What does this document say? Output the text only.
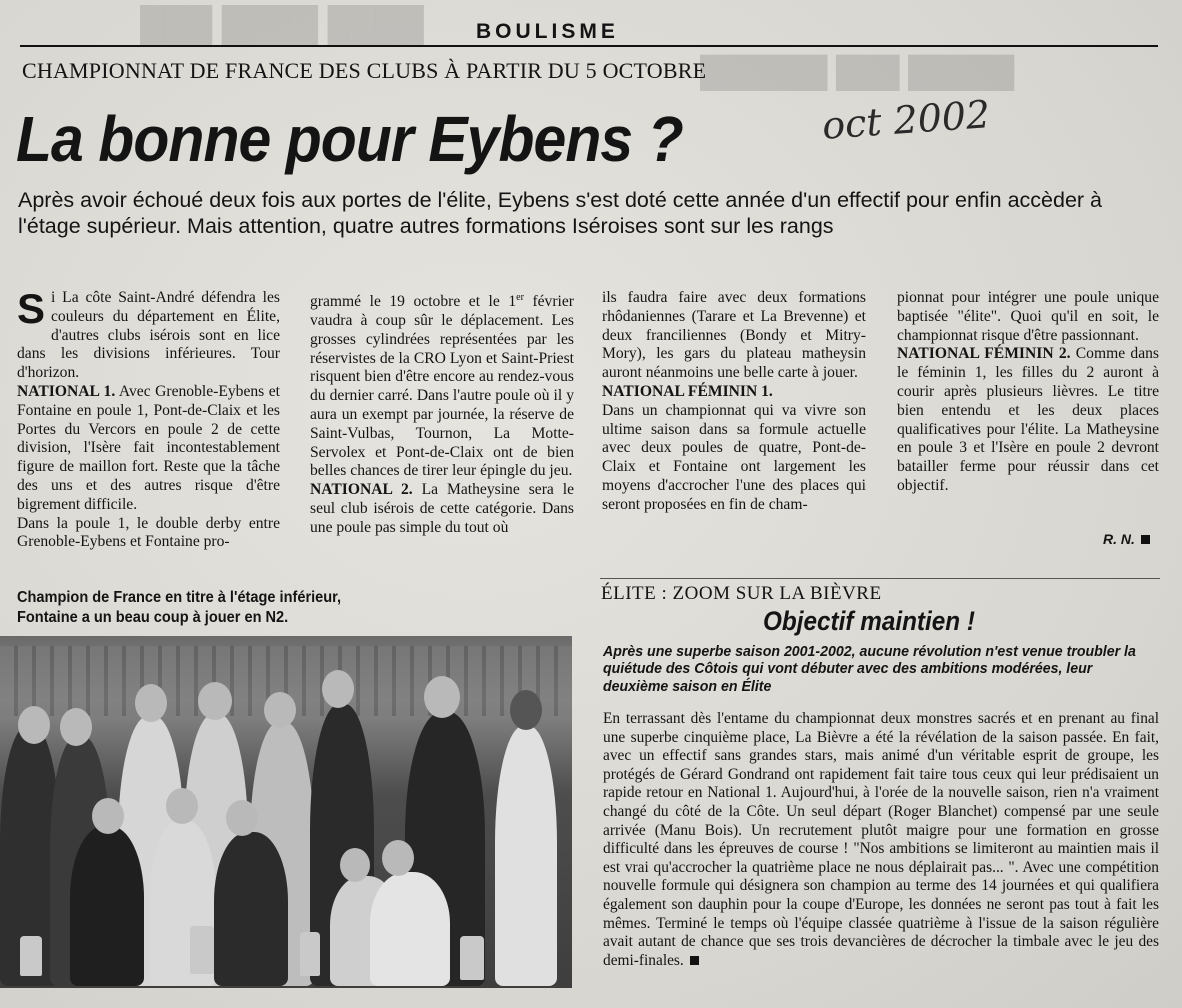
████ ████ ███
█████ ███ ██████
BOULISME
CHAMPIONNAT DE FRANCE DES CLUBS À PARTIR DU 5 OCTOBRE
La bonne pour Eybens ?	oct 2002
Après avoir échoué deux fois aux portes de l'élite, Eybens s'est doté cette année d'un effectif pour enfin accèder à l'étage supérieur. Mais attention, quatre autres formations Iséroises sont sur les rangs
S i La côte Saint-André défendra les couleurs du département en Élite, d'autres clubs isérois sont en lice dans les divisions inférieures. Tour d'horizon.

NATIONAL 1. Avec Grenoble-Eybens et Fontaine en poule 1, Pont-de-Claix et les Portes du Vercors en poule 2 de cette division, l'Isère fait incontestablement figure de maillon fort. Reste que la tâche des uns et des autres risque d'être bigrement difficile.

Dans la poule 1, le double derby entre Grenoble-Eybens et Fontaine pro-

grammé le 19 octobre et le 1er février vaudra à coup sûr le déplacement. Les grosses cylindrées représentées par les réservistes de la CRO Lyon et Saint-Priest risquent bien d'être encore au rendez-vous du dernier carré. Dans l'autre poule où il y aura un exempt par journée, la réserve de Saint-Vulbas, Tournon, La Motte-Servolex et Pont-de-Claix ont de bien belles chances de tirer leur épingle du jeu.

NATIONAL 2. La Matheysine sera le seul club isérois de cette catégorie. Dans une poule pas simple du tout où

ils faudra faire avec deux formations rhôdaniennes (Tarare et La Brevenne) et deux franciliennes (Bondy et Mitry-Mory), les gars du plateau matheysin auront néanmoins une belle carte à jouer.

NATIONAL FÉMININ 1.

Dans un championnat qui va vivre son ultime saison dans sa formule actuelle avec deux poules de quatre, Pont-de-Claix et Fontaine ont largement les moyens d'accrocher l'une des places qui seront proposées en fin de cham-

pionnat pour intégrer une poule unique baptisée "élite". Quoi qu'il en soit, le championnat risque d'être passionnant.

NATIONAL FÉMININ 2. Comme dans le féminin 1, les filles du 2 auront à courir après plusieurs lièvres. Le titre bien entendu et les deux places qualificatives pour l'élite. La Matheysine en poule 3 et l'Isère en poule 2 devront batailler ferme pour réussir dans cet objectif.

R. N.
Champion de France en titre à l'étage inférieur,
Fontaine a un beau coup à jouer en N2.
ÉLITE : ZOOM SUR LA BIÈVRE
Objectif maintien !
Après une superbe saison 2001-2002, aucune révolution n'est venue troubler la quiétude des Côtois qui vont débuter avec des ambitions modérées, leur deuxième saison en Élite
En terrassant dès l'entame du championnat deux monstres sacrés et en prenant au final une superbe cinquième place, La Bièvre a été la révélation de la saison passée. En fait, avec un effectif sans grandes stars, mais animé d'un véritable esprit de groupe, les protégés de Gérard Gondrand ont rapidement fait taire tous ceux qui leur prédisaient un rapide retour en National 1. Aujourd'hui, à l'orée de la nouvelle saison, rien n'a vraiment changé du côté de la Côte. Un seul départ (Roger Blanchet) compensé par une seule arrivée (Manu Bois). Un recrutement plutôt maigre pour une formation en grosse difficulté dans les épreuves de course ! "Nos ambitions se limiteront au maintien mais il est vrai qu'accrocher la quatrième place ne nous déplairait pas... ". Avec une compétition nouvelle formule qui désignera son champion au terme des 14 journées et qui qualifiera également son dauphin pour la coupe d'Europe, les données ne seront pas tout à fait les mêmes. Terminé le temps où l'équipe classée quatrième à l'issue de la saison régulière avait autant de chance que ses trois devancières de décrocher la timbale avec le jeu des demi-finales.
